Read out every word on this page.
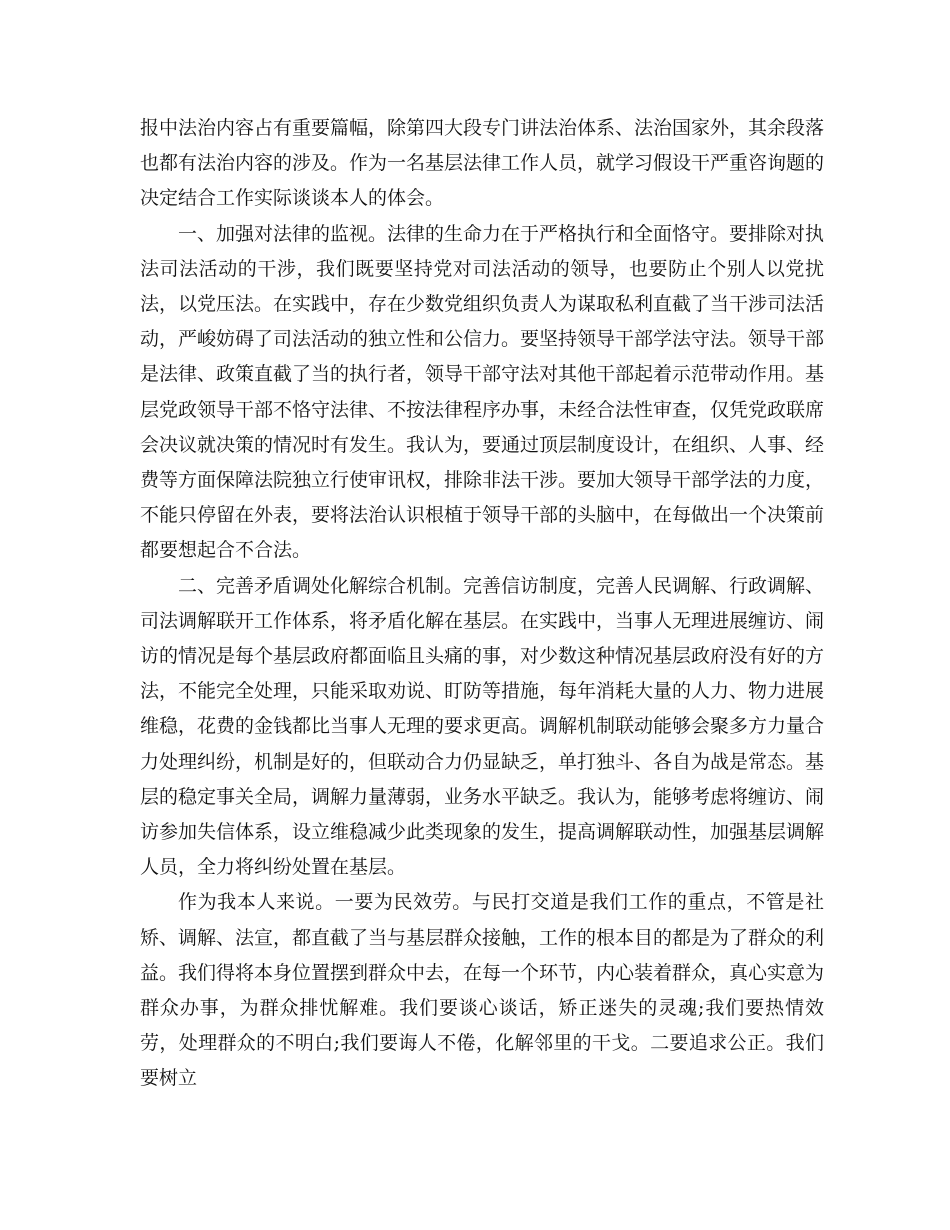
报中法治内容占有重要篇幅，除第四大段专门讲法治体系、法治国家外，其余段落也都有法治内容的涉及。作为一名基层法律工作人员，就学习假设干严重咨询题的决定结合工作实际谈谈本人的体会。

一、加强对法律的监视。法律的生命力在于严格执行和全面恪守。要排除对执法司法活动的干涉，我们既要坚持党对司法活动的领导，也要防止个别人以党扰法，以党压法。在实践中，存在少数党组织负责人为谋取私利直截了当干涉司法活动，严峻妨碍了司法活动的独立性和公信力。要坚持领导干部学法守法。领导干部是法律、政策直截了当的执行者，领导干部守法对其他干部起着示范带动作用。基层党政领导干部不恪守法律、不按法律程序办事，未经合法性审查，仅凭党政联席会决议就决策的情况时有发生。我认为，要通过顶层制度设计，在组织、人事、经费等方面保障法院独立行使审讯权，排除非法干涉。要加大领导干部学法的力度，不能只停留在外表，要将法治认识根植于领导干部的头脑中，在每做出一个决策前都要想起合不合法。

二、完善矛盾调处化解综合机制。完善信访制度，完善人民调解、行政调解、司法调解联开工作体系，将矛盾化解在基层。在实践中，当事人无理进展缠访、闹访的情况是每个基层政府都面临且头痛的事，对少数这种情况基层政府没有好的方法，不能完全处理，只能采取劝说、盯防等措施，每年消耗大量的人力、物力进展维稳，花费的金钱都比当事人无理的要求更高。调解机制联动能够会聚多方力量合力处理纠纷，机制是好的，但联动合力仍显缺乏，单打独斗、各自为战是常态。基层的稳定事关全局，调解力量薄弱，业务水平缺乏。我认为，能够考虑将缠访、闹访参加失信体系，设立维稳减少此类现象的发生，提高调解联动性，加强基层调解人员，全力将纠纷处置在基层。

作为我本人来说。一要为民效劳。与民打交道是我们工作的重点，不管是社矫、调解、法宣，都直截了当与基层群众接触，工作的根本目的都是为了群众的利益。我们得将本身位置摆到群众中去，在每一个环节，内心装着群众，真心实意为群众办事，为群众排忧解难。我们要谈心谈话，矫正迷失的灵魂;我们要热情效劳，处理群众的不明白;我们要诲人不倦，化解邻里的干戈。二要追求公正。我们要树立
